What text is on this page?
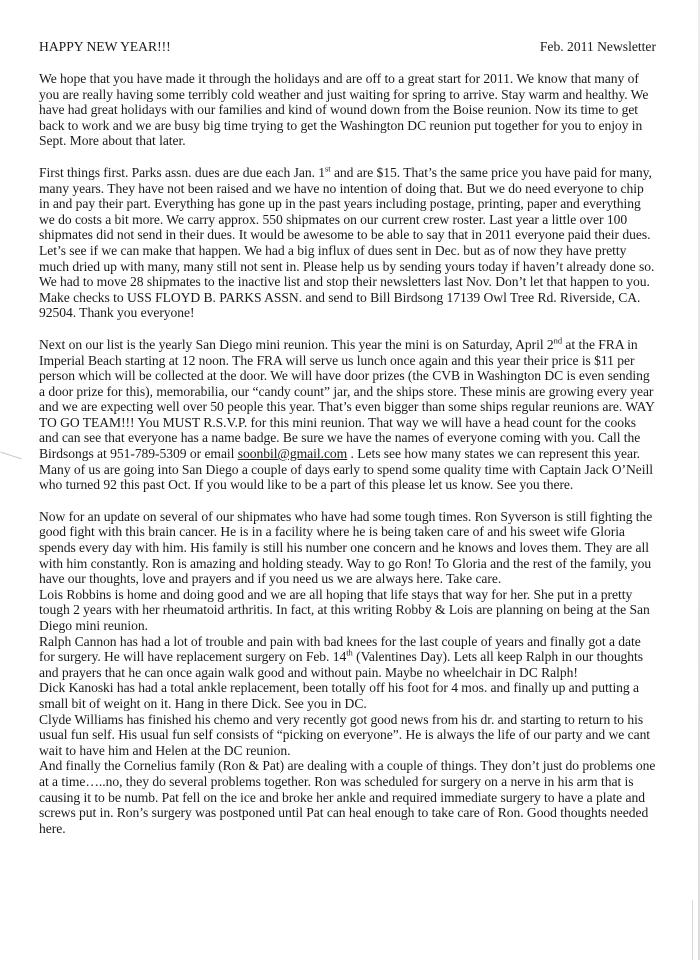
HAPPY NEW YEAR!!!	Feb. 2011 Newsletter

We hope that you have made it through the holidays and are off to a great start for 2011. We know that many of you are really having some terribly cold weather and just waiting for spring to arrive. Stay warm and healthy. We have had great holidays with our families and kind of wound down from the Boise reunion. Now its time to get back to work and we are busy big time trying to get the Washington DC reunion put together for you to enjoy in Sept. More about that later.

First things first. Parks assn. dues are due each Jan. 1st and are $15. That’s the same price you have paid for many, many years. They have not been raised and we have no intention of doing that. But we do need everyone to chip in and pay their part. Everything has gone up in the past years including postage, printing, paper and everything we do costs a bit more. We carry approx. 550 shipmates on our current crew roster. Last year a little over 100 shipmates did not send in their dues. It would be awesome to be able to say that in 2011 everyone paid their dues. Let’s see if we can make that happen. We had a big influx of dues sent in Dec. but as of now they have pretty much dried up with many, many still not sent in. Please help us by sending yours today if haven’t already done so. We had to move 28 shipmates to the inactive list and stop their newsletters last Nov. Don’t let that happen to you. Make checks to USS FLOYD B. PARKS ASSN. and send to Bill Birdsong 17139 Owl Tree Rd. Riverside, CA. 92504. Thank you everyone!

Next on our list is the yearly San Diego mini reunion. This year the mini is on Saturday, April 2nd at the FRA in Imperial Beach starting at 12 noon. The FRA will serve us lunch once again and this year their price is $11 per person which will be collected at the door. We will have door prizes (the CVB in Washington DC is even sending a door prize for this), memorabilia, our “candy count” jar, and the ships store. These minis are growing every year and we are expecting well over 50 people this year. That’s even bigger than some ships regular reunions are. WAY TO GO TEAM!!! You MUST R.S.V.P. for this mini reunion. That way we will have a head count for the cooks and can see that everyone has a name badge. Be sure we have the names of everyone coming with you. Call the Birdsongs at 951-789-5309 or email soonbil@gmail.com . Lets see how many states we can represent this year. Many of us are going into San Diego a couple of days early to spend some quality time with Captain Jack O’Neill who turned 92 this past Oct. If you would like to be a part of this please let us know. See you there.

Now for an update on several of our shipmates who have had some tough times. Ron Syverson is still fighting the good fight with this brain cancer. He is in a facility where he is being taken care of and his sweet wife Gloria spends every day with him. His family is still his number one concern and he knows and loves them. They are all with him constantly. Ron is amazing and holding steady. Way to go Ron! To Gloria and the rest of the family, you have our thoughts, love and prayers and if you need us we are always here. Take care.

Lois Robbins is home and doing good and we are all hoping that life stays that way for her. She put in a pretty tough 2 years with her rheumatoid arthritis. In fact, at this writing Robby & Lois are planning on being at the San Diego mini reunion.

Ralph Cannon has had a lot of trouble and pain with bad knees for the last couple of years and finally got a date for surgery. He will have replacement surgery on Feb. 14th (Valentines Day). Lets all keep Ralph in our thoughts and prayers that he can once again walk good and without pain. Maybe no wheelchair in DC Ralph!

Dick Kanoski has had a total ankle replacement, been totally off his foot for 4 mos. and finally up and putting a small bit of weight on it. Hang in there Dick. See you in DC.

Clyde Williams has finished his chemo and very recently got good news from his dr. and starting to return to his usual fun self. His usual fun self consists of “picking on everyone”. He is always the life of our party and we cant wait to have him and Helen at the DC reunion.

And finally the Cornelius family (Ron & Pat) are dealing with a couple of things. They don’t just do problems one at a time…..no, they do several problems together. Ron was scheduled for surgery on a nerve in his arm that is causing it to be numb. Pat fell on the ice and broke her ankle and required immediate surgery to have a plate and screws put in. Ron’s surgery was postponed until Pat can heal enough to take care of Ron. Good thoughts needed here.
